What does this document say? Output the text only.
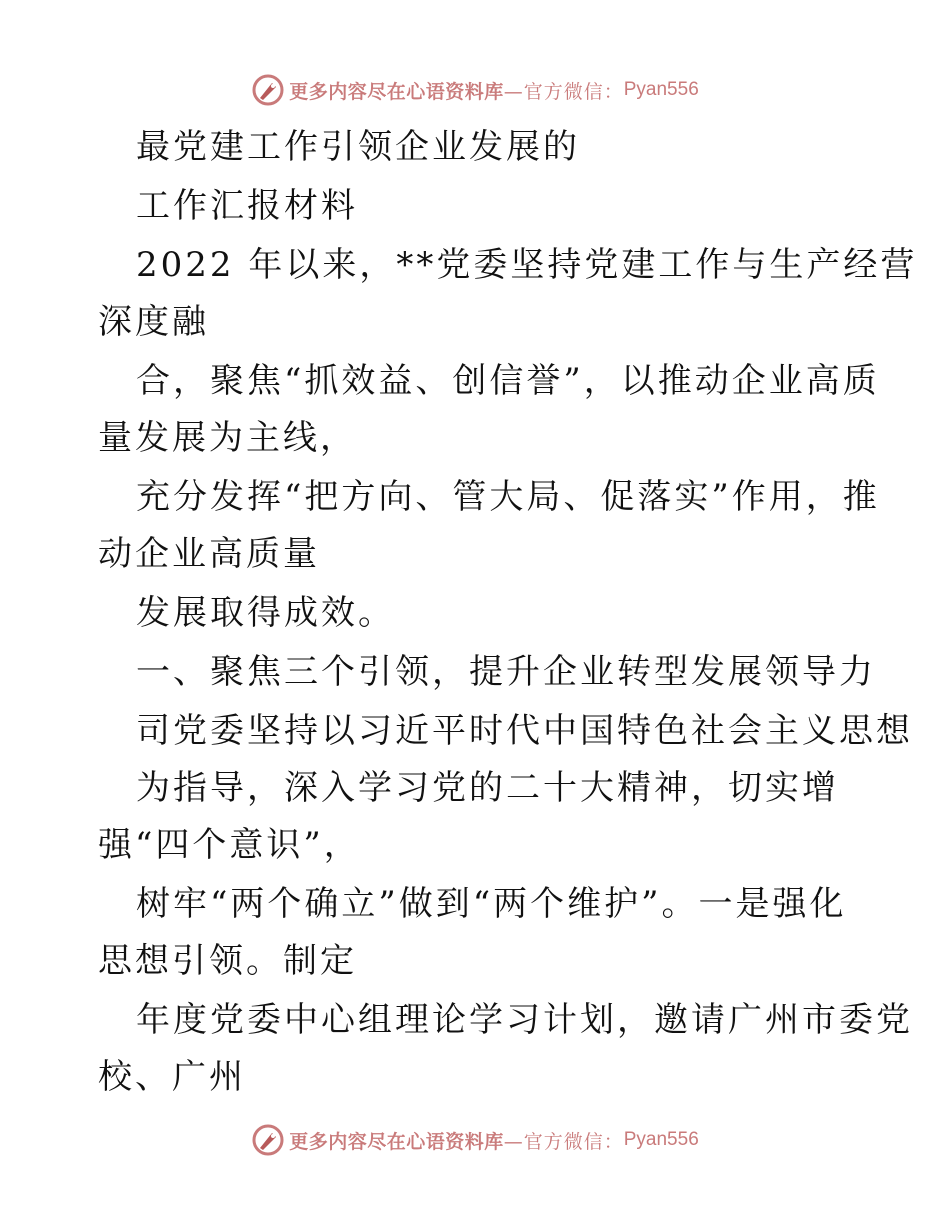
更多内容尽在心语资料库 —官方微信： Pyan556
最党建工作引领企业发展的
工作汇报材料
2022 年以来，**党委坚持党建工作与生产经营
深度融
合，聚焦“抓效益、创信誉”，以推动企业高质
量发展为主线，
充分发挥“把方向、管大局、促落实”作用，推
动企业高质量
发展取得成效。
一、聚焦三个引领，提升企业转型发展领导力
司党委坚持以习近平时代中国特色社会主义思想
为指导，深入学习党的二十大精神，切实增
强“四个意识”，
树牢“两个确立”做到“两个维护”。一是强化
思想引领。制定
年度党委中心组理论学习计划，邀请广州市委党
校、广州
更多内容尽在心语资料库 —官方微信： Pyan556
